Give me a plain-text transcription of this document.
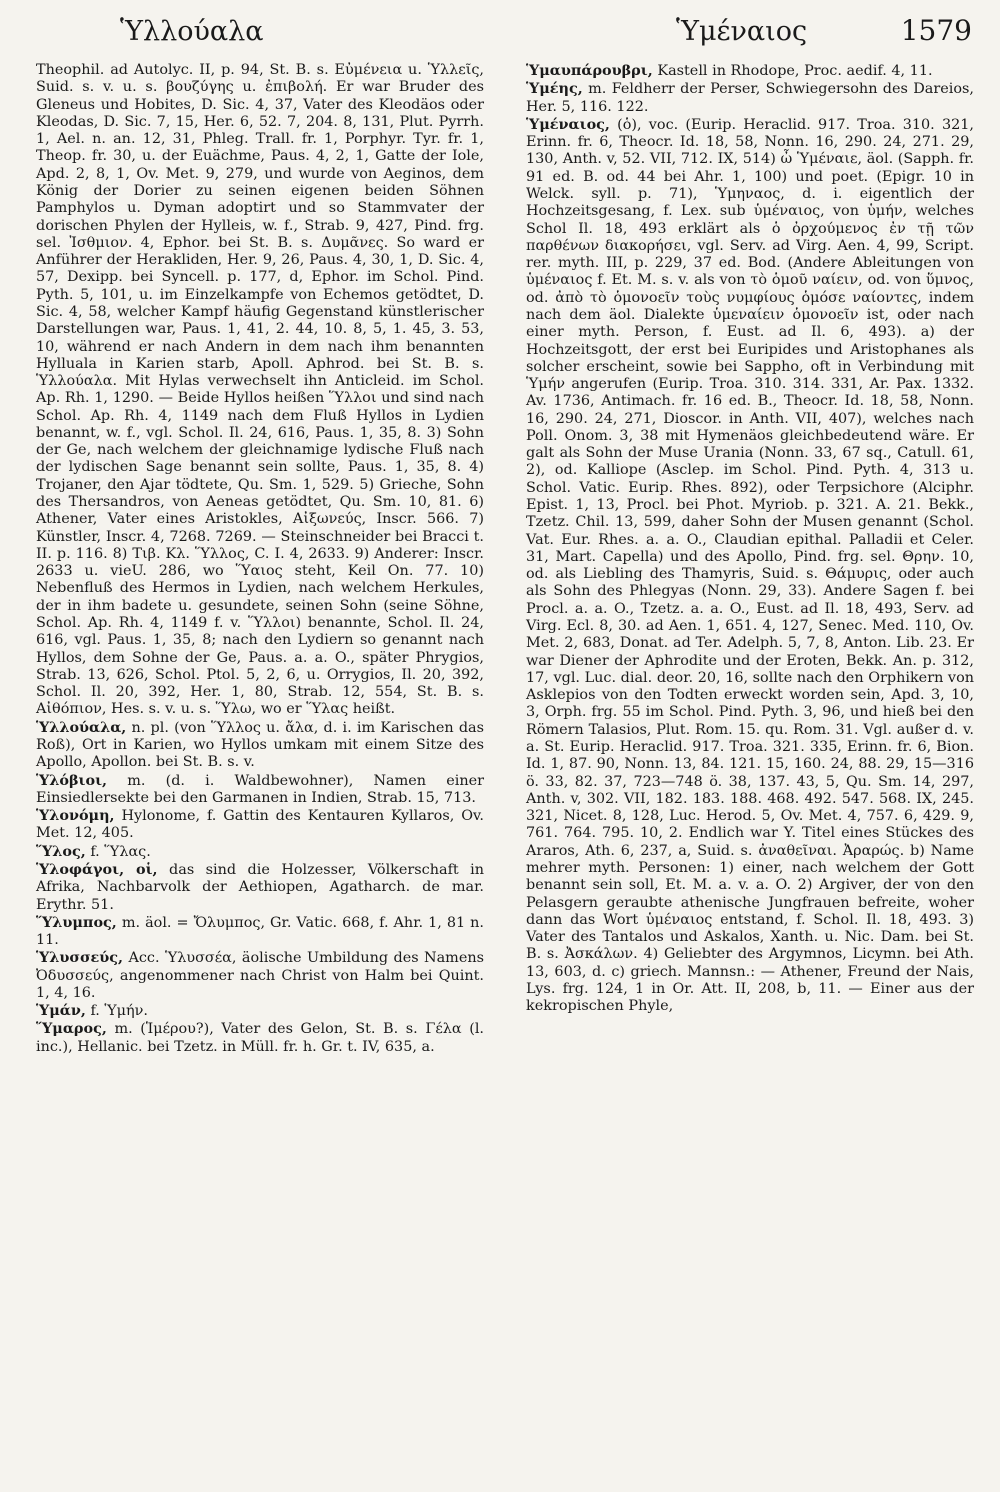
Ὑλλούαλα	Ὑμέναιος	1579

Theophil. ad Autolyc. II, p. 94, St. B. s. Εὐμένεια u. Ὑλλεῖς, Suid. s. v. u. s. βουζύγης u. ἐπιβολή. Er war Bruder des Gleneus und Hobites, D. Sic. 4, 37, Vater des Kleodäos oder Kleodas, D. Sic. 7, 15, Her. 6, 52. 7, 204. 8, 131, Plut. Pyrrh. 1, Ael. n. an. 12, 31, Phleg. Trall. fr. 1, Porphyr. Tyr. fr. 1, Theop. fr. 30, u. der Euächme, Paus. 4, 2, 1, Gatte der Iole, Apd. 2, 8, 1, Ov. Met. 9, 279, und wurde von Aeginos, dem König der Dorier zu seinen eigenen beiden Söhnen Pamphylos u. Dyman adoptirt und so Stammvater der dorischen Phylen der Hylleis, w. f., Strab. 9, 427, Pind. frg. sel. Ἰσθμιον. 4, Ephor. bei St. B. s. Δυμᾶνες. So ward er Anführer der Herakliden, Her. 9, 26, Paus. 4, 30, 1, D. Sic. 4, 57, Dexipp. bei Syncell. p. 177, d, Ephor. im Schol. Pind. Pyth. 5, 101, u. im Einzelkampfe von Echemos getödtet, D. Sic. 4, 58, welcher Kampf häufig Gegenstand künstlerischer Darstellungen war, Paus. 1, 41, 2. 44, 10. 8, 5, 1. 45, 3. 53, 10, während er nach Andern in dem nach ihm benannten Hyllualа in Karien starb, Apoll. Aphrod. bei St. B. s. Ὑλλούαλα. Mit Hylas verwechselt ihn Anticleid. im Schol. Ap. Rh. 1, 1290. — Beide Hyllos heißen Ὕλλοι und sind nach Schol. Ap. Rh. 4, 1149 nach dem Fluß Hyllos in Lydien benannt, w. f., vgl. Schol. Il. 24, 616, Paus. 1, 35, 8. 3) Sohn der Ge, nach welchem der gleichnamige lydische Fluß nach der lydischen Sage benannt sein sollte, Paus. 1, 35, 8. 4) Trojaner, den Ajar tödtete, Qu. Sm. 1, 529. 5) Grieche, Sohn des Thersandros, von Aeneas getödtet, Qu. Sm. 10, 81. 6) Athener, Vater eines Aristokles, Αἰξωνεύς, Inscr. 566. 7) Künstler, Inscr. 4, 7268. 7269. — Steinschneider bei Bracci t. II. p. 116. 8) Τιβ. Κλ. Ὕλλος, C. I. 4, 2633. 9) Anderer: Inscr. 2633 u. vieU. 286, wo Ὕαιος steht, Keil On. 77. 10) Nebenfluß des Hermos in Lydien, nach welchem Herkules, der in ihm badete u. gesundete, seinen Sohn (seine Söhne, Schol. Ap. Rh. 4, 1149 f. v. Ὕλλοι) benannte, Schol. Il. 24, 616, vgl. Paus. 1, 35, 8; nach den Lydiern so genannt nach Hyllos, dem Sohne der Ge, Paus. a. a. O., später Phrygios, Strab. 13, 626, Schol. Ptol. 5, 2, 6, u. Orrygios, Il. 20, 392, Schol. Il. 20, 392, Her. 1, 80, Strab. 12, 554, St. B. s. Αἰθόπιον, Hes. s. v. u. s. Ὕλω, wo er Ὕλας heißt.

Ὑλλούαλα, n. pl. (von Ὕλλος u. ἄλα, d. i. im Karischen das Roß), Ort in Karien, wo Hyllos umkam mit einem Sitze des Apollo, Apollon. bei St. B. s. v.

Ὑλόβιοι, m. (d. i. Waldbewohner), Namen einer Einsiedlersekte bei den Garmanen in Indien, Strab. 15, 713.

Ὑλονόμη, Hylonome, f. Gattin des Kentauren Kyllaros, Ov. Met. 12, 405.

Ὕλος, f. Ὕλας.

Ὑλοφάγοι, οἱ, das sind die Holzesser, Völkerschaft in Afrika, Nachbarvolk der Aethiopen, Agatharch. de mar. Erythr. 51.

Ὕλυμπος, m. äol. = Ὄλυμπος, Gr. Vatic. 668, f. Ahr. 1, 81 n. 11.

Ὑλυσσεύς, Acc. Ὑλυσσέα, äolische Umbildung des Namens Ὀδυσσεύς, angenommener nach Christ von Halm bei Quint. 1, 4, 16.

Ὑμάν, f. Ὑμήν.

Ὕμαρος, m. (Ἱμέρου?), Vater des Gelon, St. B. s. Γέλα (l. inc.), Hellanic. bei Tzetz. in Müll. fr. h. Gr. t. IV, 635, a.

Ὑμαυπάρουβρι, Kastell in Rhodope, Proc. aedif. 4, 11.

Ὑμέης, m. Feldherr der Perser, Schwiegersohn des Dareios, Her. 5, 116. 122.

Ὑμέναιος, (ὁ), voc. (Eurip. Heraclid. 917. Troa. 310. 321, Erinn. fr. 6, Theocr. Id. 18, 58, Nonn. 16, 290. 24, 271. 29, 130, Anth. v, 52. VII, 712. IX, 514) ὦ Ὑμέναιε, äol. (Sapph. fr. 91 ed. B. od. 44 bei Ahr. 1, 100) und poet. (Epigr. 10 in Welck. syll. p. 71), Ὑμηναος, d. i. eigentlich der Hochzeitsgesang, f. Lex. sub ὑμέναιος, von ὑμήν, welches Schol Il. 18, 493 erklärt als ὁ ὀρχούμενος ἐν τῇ τῶν παρθένων διακορήσει, vgl. Serv. ad Virg. Aen. 4, 99, Script. rer. myth. III, p. 229, 37 ed. Bod. (Andere Ableitungen von ὑμέναιος f. Et. M. s. v. als von τὸ ὁμοῦ ναίειν, od. von ὕμνος, od. ἀπὸ τὸ ὁμονοεῖν τοὺς νυμφίους ὁμόσε ναίοντες, indem nach dem äol. Dialekte ὑμεναίειν ὁμονοεῖν ist, oder nach einer myth. Person, f. Eust. ad Il. 6, 493). a) der Hochzeitsgott, der erst bei Euripides und Aristophanes als solcher erscheint, sowie bei Sappho, oft in Verbindung mit Ὑμήν angerufen (Eurip. Troa. 310. 314. 331, Ar. Pax. 1332. Av. 1736, Antimach. fr. 16 ed. B., Theocr. Id. 18, 58, Nonn. 16, 290. 24, 271, Dioscor. in Anth. VII, 407), welches nach Poll. Onom. 3, 38 mit Hymenäos gleichbedeutend wäre. Er galt als Sohn der Muse Urania (Nonn. 33, 67 sq., Catull. 61, 2), od. Kalliope (Asclep. im Schol. Pind. Pyth. 4, 313 u. Schol. Vatic. Eurip. Rhes. 892), oder Terpsichore (Alciphr. Epist. 1, 13, Procl. bei Phot. Myriob. p. 321. A. 21. Bekk., Tzetz. Chil. 13, 599, daher Sohn der Musen genannt (Schol. Vat. Eur. Rhes. a. a. O., Claudian epithal. Palladii et Celer. 31, Mart. Capella) und des Apollo, Pind. frg. sel. Θρην. 10, od. als Liebling des Thamyris, Suid. s. Θάμυρις, oder auch als Sohn des Phlegyas (Nonn. 29, 33). Andere Sagen f. bei Procl. a. a. O., Tzetz. a. a. O., Eust. ad Il. 18, 493, Serv. ad Virg. Ecl. 8, 30. ad Aen. 1, 651. 4, 127, Senec. Med. 110, Ov. Met. 2, 683, Donat. ad Ter. Adelph. 5, 7, 8, Anton. Lib. 23. Er war Diener der Aphrodite und der Eroten, Bekk. An. p. 312, 17, vgl. Luc. dial. deor. 20, 16, sollte nach den Orphikern von Asklepios von den Todten erweckt worden sein, Apd. 3, 10, 3, Orph. frg. 55 im Schol. Pind. Pyth. 3, 96, und hieß bei den Römern Talasios, Plut. Rom. 15. qu. Rom. 31. Vgl. außer d. v. a. St. Eurip. Heraclid. 917. Troa. 321. 335, Erinn. fr. 6, Bion. Id. 1, 87. 90, Nonn. 13, 84. 121. 15, 160. 24, 88. 29, 15—316 ö. 33, 82. 37, 723—748 ö. 38, 137. 43, 5, Qu. Sm. 14, 297, Anth. v, 302. VII, 182. 183. 188. 468. 492. 547. 568. IX, 245. 321, Nicet. 8, 128, Luc. Herod. 5, Ov. Met. 4, 757. 6, 429. 9, 761. 764. 795. 10, 2. Endlich war Y. Titel eines Stückes des Araros, Ath. 6, 237, a, Suid. s. ἀναθεῖναι. Ἀραρώς. b) Name mehrer myth. Personen: 1) einer, nach welchem der Gott benannt sein soll, Et. M. a. v. a. O. 2) Argiver, der von den Pelasgern geraubte athenische Jungfrauen befreite, woher dann das Wort ὑμέναιος entstand, f. Schol. Il. 18, 493. 3) Vater des Tantalos und Askalos, Xanth. u. Nic. Dam. bei St. B. s. Ἀσκάλων. 4) Geliebter des Argymnos, Licymn. bei Ath. 13, 603, d. c) griech. Mannsn.: — Athener, Freund der Nais, Lys. frg. 124, 1 in Or. Att. II, 208, b, 11. — Einer aus der kekropischen Phyle,
